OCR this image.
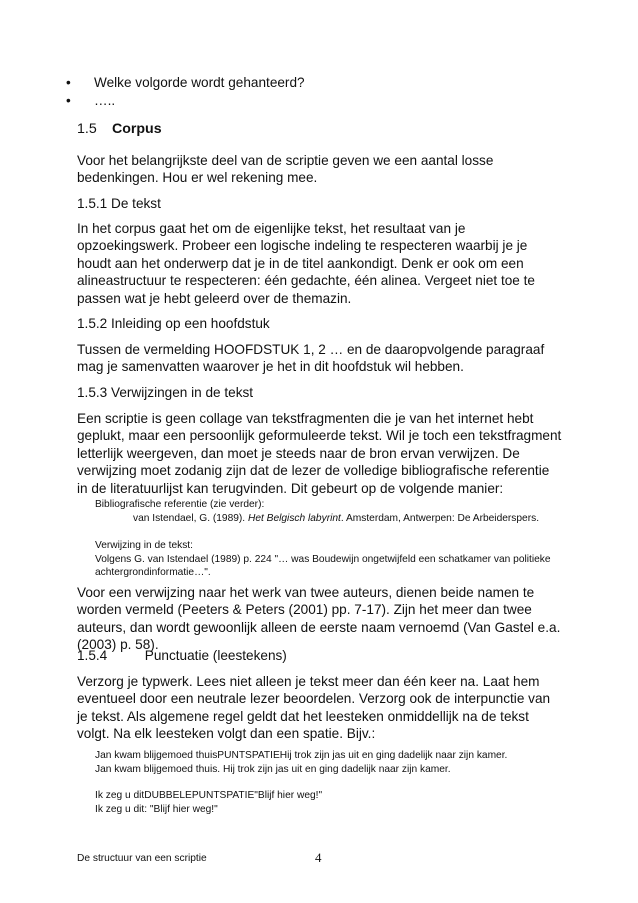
•	Welke volgorde wordt gehanteerd?
•	…..
1.5 Corpus
Voor het belangrijkste deel van de scriptie geven we een aantal losse bedenkingen. Hou er wel rekening mee.
1.5.1 De tekst
In het corpus gaat het om de eigenlijke tekst, het resultaat van je opzoekingswerk. Probeer een logische indeling te respecteren waarbij je je houdt aan het onderwerp dat je in de titel aankondigt. Denk er ook om een alineastructuur te respecteren: één gedachte, één alinea. Vergeet niet toe te passen wat je hebt geleerd over de themazin.
1.5.2 Inleiding op een hoofdstuk
Tussen de vermelding HOOFDSTUK 1, 2 … en de daaropvolgende paragraaf mag je samenvatten waarover je het in dit hoofdstuk wil hebben.
1.5.3 Verwijzingen in de tekst
Een scriptie is geen collage van tekstfragmenten die je van het internet hebt geplukt, maar een persoonlijk geformuleerde tekst. Wil je toch een tekstfragment letterlijk weergeven, dan moet je steeds naar de bron ervan verwijzen. De verwijzing moet zodanig zijn dat de lezer de volledige bibliografische referentie in de literatuurlijst kan terugvinden. Dit gebeurt op de volgende manier:
Bibliografische referentie (zie verder):
van Istendael, G. (1989). Het Belgisch labyrint. Amsterdam, Antwerpen: De Arbeiderspers.
Verwijzing in de tekst:
Volgens G. van Istendael (1989) p. 224 "… was Boudewijn ongetwijfeld een schatkamer van politieke achtergrondinformatie…".
Voor een verwijzing naar het werk van twee auteurs, dienen beide namen te worden vermeld (Peeters & Peters (2001) pp. 7-17). Zijn het meer dan twee auteurs, dan wordt gewoonlijk alleen de eerste naam vernoemd (Van Gastel e.a. (2003) p. 58).
1.5.4	Punctuatie (leestekens)
Verzorg je typwerk. Lees niet alleen je tekst meer dan één keer na. Laat hem eventueel door een neutrale lezer beoordelen. Verzorg ook de interpunctie van je tekst. Als algemene regel geldt dat het leesteken onmiddellijk na de tekst volgt. Na elk leesteken volgt dan een spatie. Bijv.:
Jan kwam blijgemoed thuisPUNTSPATIEHij trok zijn jas uit en ging dadelijk naar zijn kamer.
Jan kwam blijgemoed thuis. Hij trok zijn jas uit en ging dadelijk naar zijn kamer.
Ik zeg u ditDUBBELEPUNTSPATIE"Blijf hier weg!"
Ik zeg u dit: "Blijf hier weg!"
De structuur van een scriptie	4
